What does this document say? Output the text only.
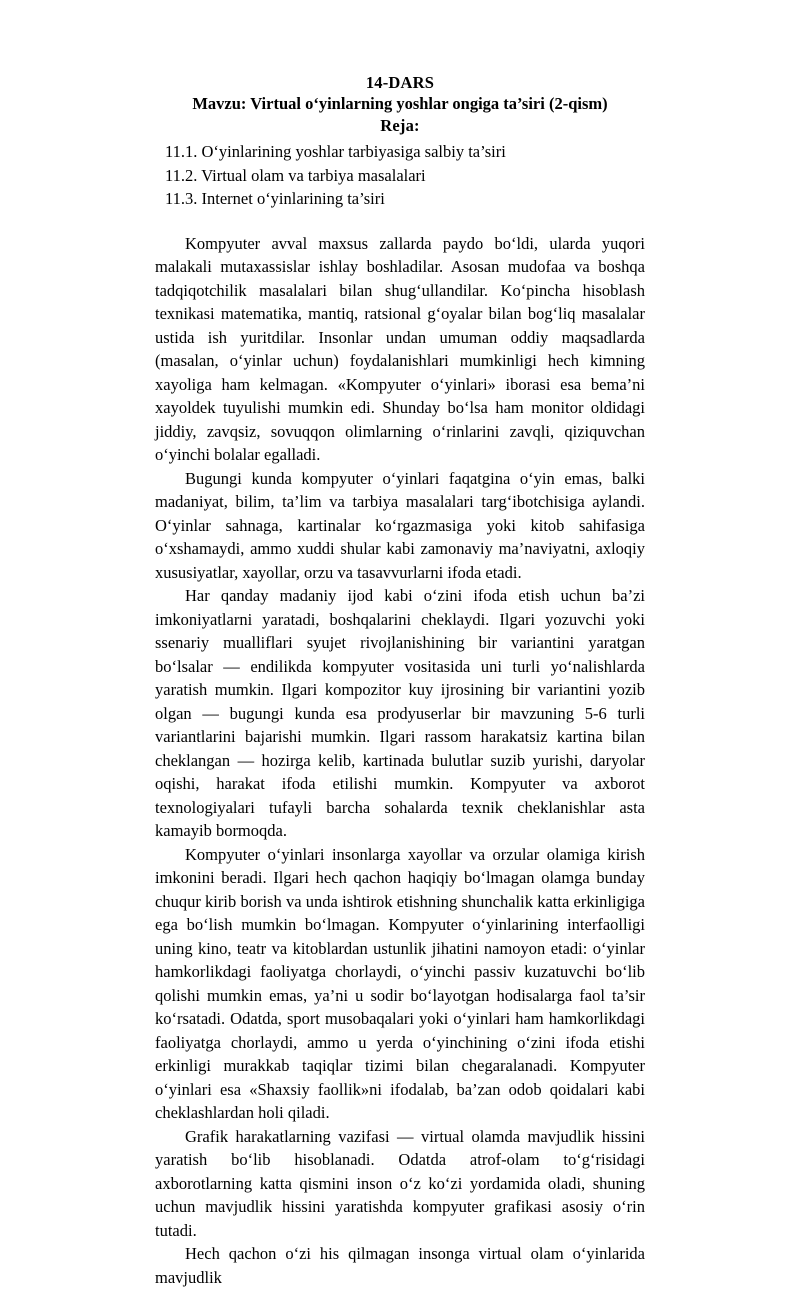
14-DARS
Mavzu: Virtual o‘yinlarning yoshlar ongiga ta’siri (2-qism)
Reja:
11.1. O‘yinlarining yoshlar tarbiyasiga salbiy ta’siri
11.2. Virtual olam va tarbiya masalalari
11.3. Internet o‘yinlarining ta’siri

Kompyuter avval maxsus zallarda paydo bo‘ldi, ularda yuqori malakali mutaxassislar ishlay boshladilar. Asosan mudofaa va boshqa tadqiqotchilik masalalari bilan shug‘ullandilar. Ko‘pincha hisoblash texnikasi matematika, mantiq, ratsional g‘oyalar bilan bog‘liq masalalar ustida ish yuritdilar. Insonlar undan umuman oddiy maqsadlarda (masalan, o‘yinlar uchun) foydalanishlari mumkinligi hech kimning xayoliga ham kelmagan. «Kompyuter o‘yinlari» iborasi esa bema’ni xayoldek tuyulishi mumkin edi. Shunday bo‘lsa ham monitor oldidagi jiddiy, zavqsiz, sovuqqon olimlarning o‘rinlarini zavqli, qiziquvchan o‘yinchi bolalar egalladi.

Bugungi kunda kompyuter o‘yinlari faqatgina o‘yin emas, balki madaniyat, bilim, ta’lim va tarbiya masalalari targ‘ibotchisiga aylandi. O‘yinlar sahnaga, kartinalar ko‘rgazmasiga yoki kitob sahifasiga o‘xshamaydi, ammo xuddi shular kabi zamonaviy ma’naviyatni, axloqiy xususiyatlar, xayollar, orzu va tasavvurlarni ifoda etadi.

Har qanday madaniy ijod kabi o‘zini ifoda etish uchun ba’zi imkoniyatlarni yaratadi, boshqalarini cheklaydi. Ilgari yozuvchi yoki ssenariy mualliflari syujet rivojlanishining bir variantini yaratgan bo‘lsalar — endilikda kompyuter vositasida uni turli yo‘nalishlarda yaratish mumkin. Ilgari kompozitor kuy ijrosining bir variantini yozib olgan — bugungi kunda esa prodyuserlar bir mavzuning 5-6 turli variantlarini bajarishi mumkin. Ilgari rassom harakatsiz kartina bilan cheklangan — hozirga kelib, kartinada bulutlar suzib yurishi, daryolar oqishi, harakat ifoda etilishi mumkin. Kompyuter va axborot texnologiyalari tufayli barcha sohalarda texnik cheklanishlar asta kamayib bormoqda.

Kompyuter o‘yinlari insonlarga xayollar va orzular olamiga kirish imkonini beradi. Ilgari hech qachon haqiqiy bo‘lmagan olamga bunday chuqur kirib borish va unda ishtirok etishning shunchalik katta erkinligiga ega bo‘lish mumkin bo‘lmagan. Kompyuter o‘yinlarining interfaolligi uning kino, teatr va kitoblardan ustunlik jihatini namoyon etadi: o‘yinlar hamkorlikdagi faoliyatga chorlaydi, o‘yinchi passiv kuzatuvchi bo‘lib qolishi mumkin emas, ya’ni u sodir bo‘layotgan hodisalarga faol ta’sir ko‘rsatadi. Odatda, sport musobaqalari yoki o‘yinlari ham hamkorlikdagi faoliyatga chorlaydi, ammo u yerda o‘yinchining o‘zini ifoda etishi erkinligi murakkab taqiqlar tizimi bilan chegaralanadi. Kompyuter o‘yinlari esa «Shaxsiy faollik»ni ifodalab, ba’zan odob qoidalari kabi cheklashlardan holi qiladi.

Grafik harakatlarning vazifasi — virtual olamda mavjudlik hissini yaratish bo‘lib hisoblanadi. Odatda atrof-olam to‘g‘risidagi axborotlarning katta qismini inson o‘z ko‘zi yordamida oladi, shuning uchun mavjudlik hissini yaratishda kompyuter grafikasi asosiy o‘rin tutadi.

Hech qachon o‘zi his qilmagan insonga virtual olam o‘yinlarida mavjudlik
